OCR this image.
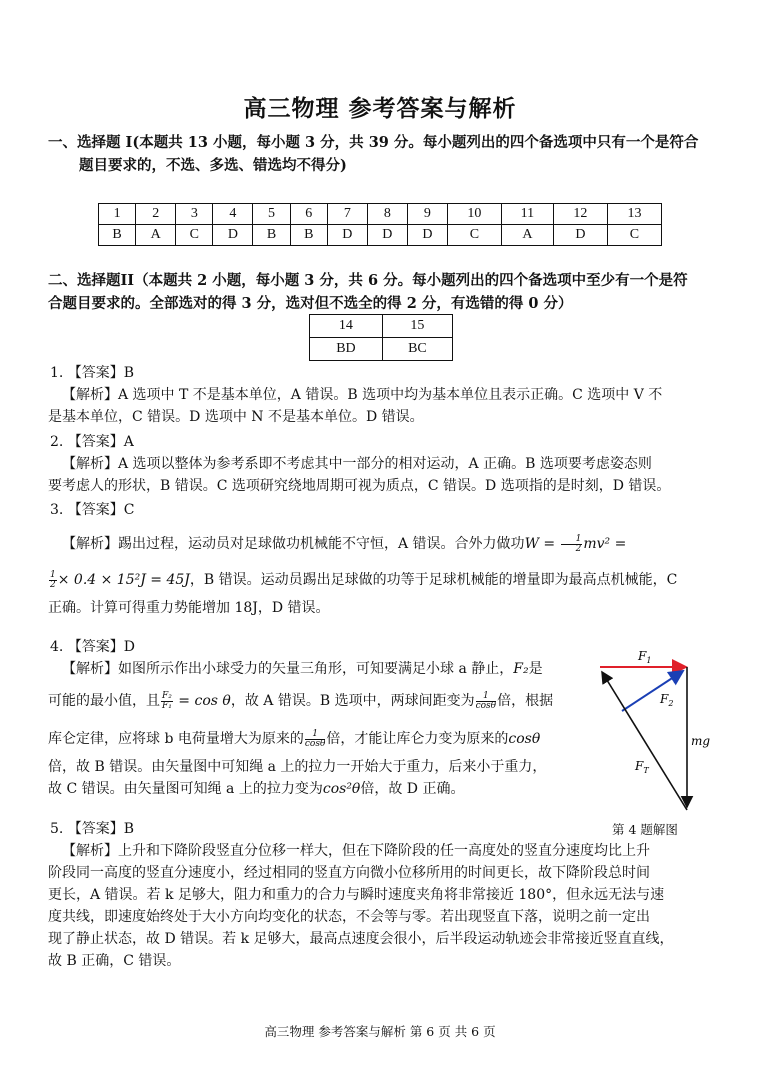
高三物理 参考答案与解析
一、选择题 I(本题共 13 小题，每小题 3 分，共 39 分。每小题列出的四个备选项中只有一个是符合
题目要求的，不选、多选、错选均不得分)
1	2	3	4	5	6	7	8	9	10	11	12	13
B	A	C	D	B	B	D	D	D	C	A	D	C
二、选择题II（本题共 2 小题，每小题 3 分，共 6 分。每小题列出的四个备选项中至少有一个是符
合题目要求的。全部选对的得 3 分，选对但不选全的得 2 分，有选错的得 0 分）
14	15
BD	BC
1. 【答案】B
【解析】A 选项中 T 不是基本单位，A 错误。B 选项中均为基本单位且表示正确。C 选项中 V 不
是基本单位，C 错误。D 选项中 N 不是基本单位。D 错误。
2. 【答案】A
【解析】A 选项以整体为参考系即不考虑其中一部分的相对运动，A 正确。B 选项要考虑姿态则
要考虑人的形状，B 错误。C 选项研究绕地周期可视为质点，C 错误。D 选项指的是时刻，D 错误。
3. 【答案】C
【解析】踢出过程，运动员对足球做功机械能不守恒，A 错误。合外力做功$W = \frac{1}{2} mv^2$ =
$\frac{1}{2} \times 0.4 \times 15^2J = 45J$，B 错误。运动员踢出足球做的功等于足球机械能的增量即为最高点机械能，C
正确。计算可得重力势能增加 18J，D 错误。
4. 【答案】D
【解析】如图所示作出小球受力的矢量三角形，可知要满足小球 a 静止，F₂是
可能的最小值，且 $\frac{\text{F₂}}{\text{F₁}} = \cos \theta$，故 A 错误。B 选项中，两球间距变为 $\frac{1}{\cos\theta}$ 倍，根据
库仑定律，应将球 b 电荷量增大为原来的 $\frac{1}{\cos\theta}$ 倍，才能让库仑力变为原来的cosθ
倍，故 B 错误。由矢量图中可知绳 a 上的拉力一开始大于重力，后来小于重力，
故 C 错误。由矢量图可知绳 a 上的拉力变为cos²θ倍，故 D 正确。
$F_1$
$F_2$
mg
$F_T$
第 4 题解图
5. 【答案】B
【解析】上升和下降阶段竖直分位移一样大，但在下降阶段的任一高度处的竖直分速度均比上升
阶段同一高度的竖直分速度小，经过相同的竖直方向微小位移所用的时间更长，故下降阶段总时间
更长，A 错误。若 k 足够大，阻力和重力的合力与瞬时速度夹角将非常接近 180°，但永远无法与速
度共线，即速度始终处于大小方向均变化的状态，不会等与零。若出现竖直下落，说明之前一定出
现了静止状态，故 D 错误。若 k 足够大，最高点速度会很小，后半段运动轨迹会非常接近竖直直线，
故 B 正确，C 错误。
高三物理 参考答案与解析 第 6 页 共 6 页
